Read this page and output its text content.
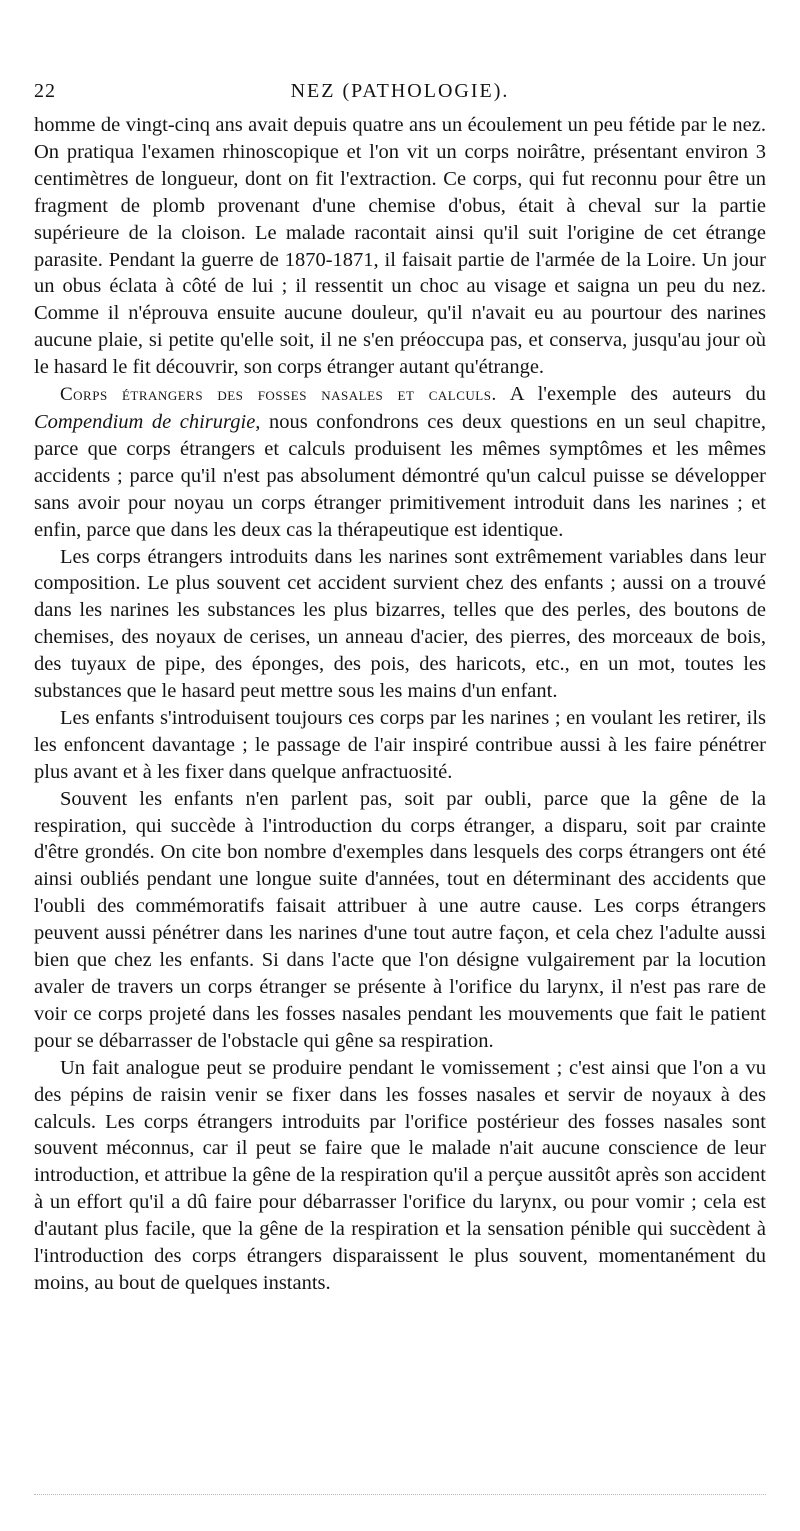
22	NEZ (PATHOLOGIE).

homme de vingt-cinq ans avait depuis quatre ans un écoulement un peu fétide par le nez. On pratiqua l'examen rhinoscopique et l'on vit un corps noirâtre, présentant environ 3 centimètres de longueur, dont on fit l'extraction. Ce corps, qui fut reconnu pour être un fragment de plomb provenant d'une chemise d'obus, était à cheval sur la partie supérieure de la cloison. Le malade racontait ainsi qu'il suit l'origine de cet étrange parasite. Pendant la guerre de 1870-1871, il faisait partie de l'armée de la Loire. Un jour un obus éclata à côté de lui ; il ressentit un choc au visage et saigna un peu du nez. Comme il n'éprouva ensuite aucune douleur, qu'il n'avait eu au pourtour des narines aucune plaie, si petite qu'elle soit, il ne s'en préoccupa pas, et conserva, jusqu'au jour où le hasard le fit découvrir, son corps étranger autant qu'étrange.

Corps étrangers des fosses nasales et calculs. A l'exemple des auteurs du Compendium de chirurgie, nous confondrons ces deux questions en un seul chapitre, parce que corps étrangers et calculs produisent les mêmes symptômes et les mêmes accidents ; parce qu'il n'est pas absolument démontré qu'un calcul puisse se développer sans avoir pour noyau un corps étranger primitivement introduit dans les narines ; et enfin, parce que dans les deux cas la thérapeutique est identique.

Les corps étrangers introduits dans les narines sont extrêmement variables dans leur composition. Le plus souvent cet accident survient chez des enfants ; aussi on a trouvé dans les narines les substances les plus bizarres, telles que des perles, des boutons de chemises, des noyaux de cerises, un anneau d'acier, des pierres, des morceaux de bois, des tuyaux de pipe, des éponges, des pois, des haricots, etc., en un mot, toutes les substances que le hasard peut mettre sous les mains d'un enfant.

Les enfants s'introduisent toujours ces corps par les narines ; en voulant les retirer, ils les enfoncent davantage ; le passage de l'air inspiré contribue aussi à les faire pénétrer plus avant et à les fixer dans quelque anfractuosité.

Souvent les enfants n'en parlent pas, soit par oubli, parce que la gêne de la respiration, qui succède à l'introduction du corps étranger, a disparu, soit par crainte d'être grondés. On cite bon nombre d'exemples dans lesquels des corps étrangers ont été ainsi oubliés pendant une longue suite d'années, tout en déterminant des accidents que l'oubli des commémoratifs faisait attribuer à une autre cause. Les corps étrangers peuvent aussi pénétrer dans les narines d'une tout autre façon, et cela chez l'adulte aussi bien que chez les enfants. Si dans l'acte que l'on désigne vulgairement par la locution avaler de travers un corps étranger se présente à l'orifice du larynx, il n'est pas rare de voir ce corps projeté dans les fosses nasales pendant les mouvements que fait le patient pour se débarrasser de l'obstacle qui gêne sa respiration.

Un fait analogue peut se produire pendant le vomissement ; c'est ainsi que l'on a vu des pépins de raisin venir se fixer dans les fosses nasales et servir de noyaux à des calculs. Les corps étrangers introduits par l'orifice postérieur des fosses nasales sont souvent méconnus, car il peut se faire que le malade n'ait aucune conscience de leur introduction, et attribue la gêne de la respiration qu'il a perçue aussitôt après son accident à un effort qu'il a dû faire pour débarrasser l'orifice du larynx, ou pour vomir ; cela est d'autant plus facile, que la gêne de la respiration et la sensation pénible qui succèdent à l'introduction des corps étrangers disparaissent le plus souvent, momentanément du moins, au bout de quelques instants.
